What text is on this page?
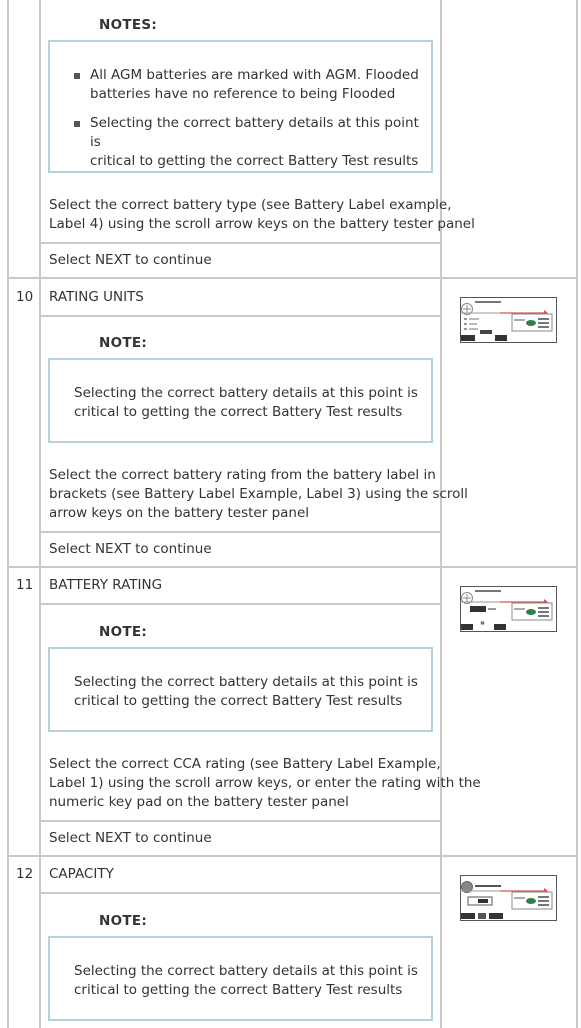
NOTES:
All AGM batteries are marked with AGM. Flooded
batteries have no reference to being Flooded
Selecting the correct battery details at this point is
critical to getting the correct Battery Test results

Select the correct battery type (see Battery Label example,
Label 4) using the scroll arrow keys on the battery tester panel

Select NEXT to continue
10 RATING UNITS
NOTE:

Selecting the correct battery details at this point is
critical to getting the correct Battery Test results

Select the correct battery rating from the battery label in
brackets (see Battery Label Example, Label 3) using the scroll
arrow keys on the battery tester panel

Select NEXT to continue
11 BATTERY RATING
NOTE:

Selecting the correct battery details at this point is
critical to getting the correct Battery Test results

Select the correct CCA rating (see Battery Label Example,
Label 1) using the scroll arrow keys, or enter the rating with the
numeric key pad on the battery tester panel

Select NEXT to continue
12 CAPACITY
NOTE:

Selecting the correct battery details at this point is
critical to getting the correct Battery Test results
